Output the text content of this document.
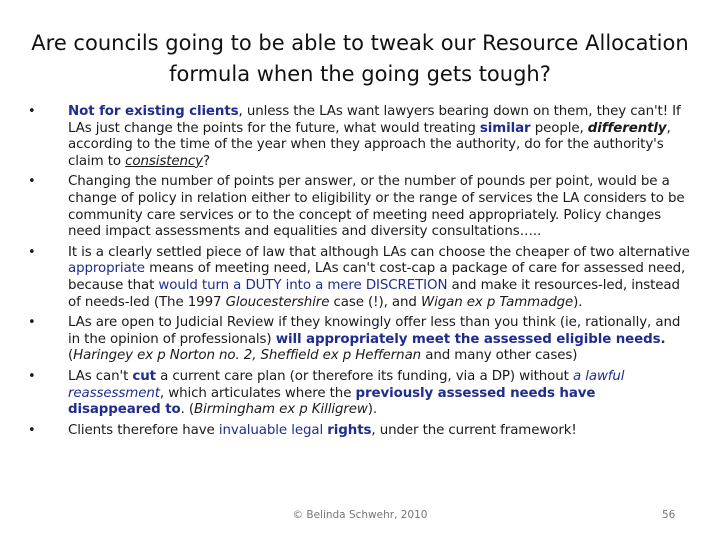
Are councils going to be able to tweak our Resource Allocation formula when the going gets tough?
• Not for existing clients, unless the LAs want lawyers bearing down on them, they can't! If LAs just change the points for the future, what would treating similar people, differently, according to the time of the year when they approach the authority, do for the authority's claim to consistency?
• Changing the number of points per answer, or the number of pounds per point, would be a change of policy in relation either to eligibility or the range of services the LA considers to be community care services or to the concept of meeting need appropriately. Policy changes need impact assessments and equalities and diversity consultations…..
• It is a clearly settled piece of law that although LAs can choose the cheaper of two alternative appropriate means of meeting need, LAs can't cost-cap a package of care for assessed need, because that would turn a DUTY into a mere DISCRETION and make it resources-led, instead of needs-led (The 1997 Gloucestershire case (!), and Wigan ex p Tammadge).
• LAs are open to Judicial Review if they knowingly offer less than you think (ie, rationally, and in the opinion of professionals) will appropriately meet the assessed eligible needs. (Haringey ex p Norton no. 2, Sheffield ex p Heffernan and many other cases)
• LAs can't cut a current care plan (or therefore its funding, via a DP) without a lawful reassessment, which articulates where the previously assessed needs have disappeared to. (Birmingham ex p Killigrew).
• Clients therefore have invaluable legal rights, under the current framework!
© Belinda Schwehr, 2010	56
